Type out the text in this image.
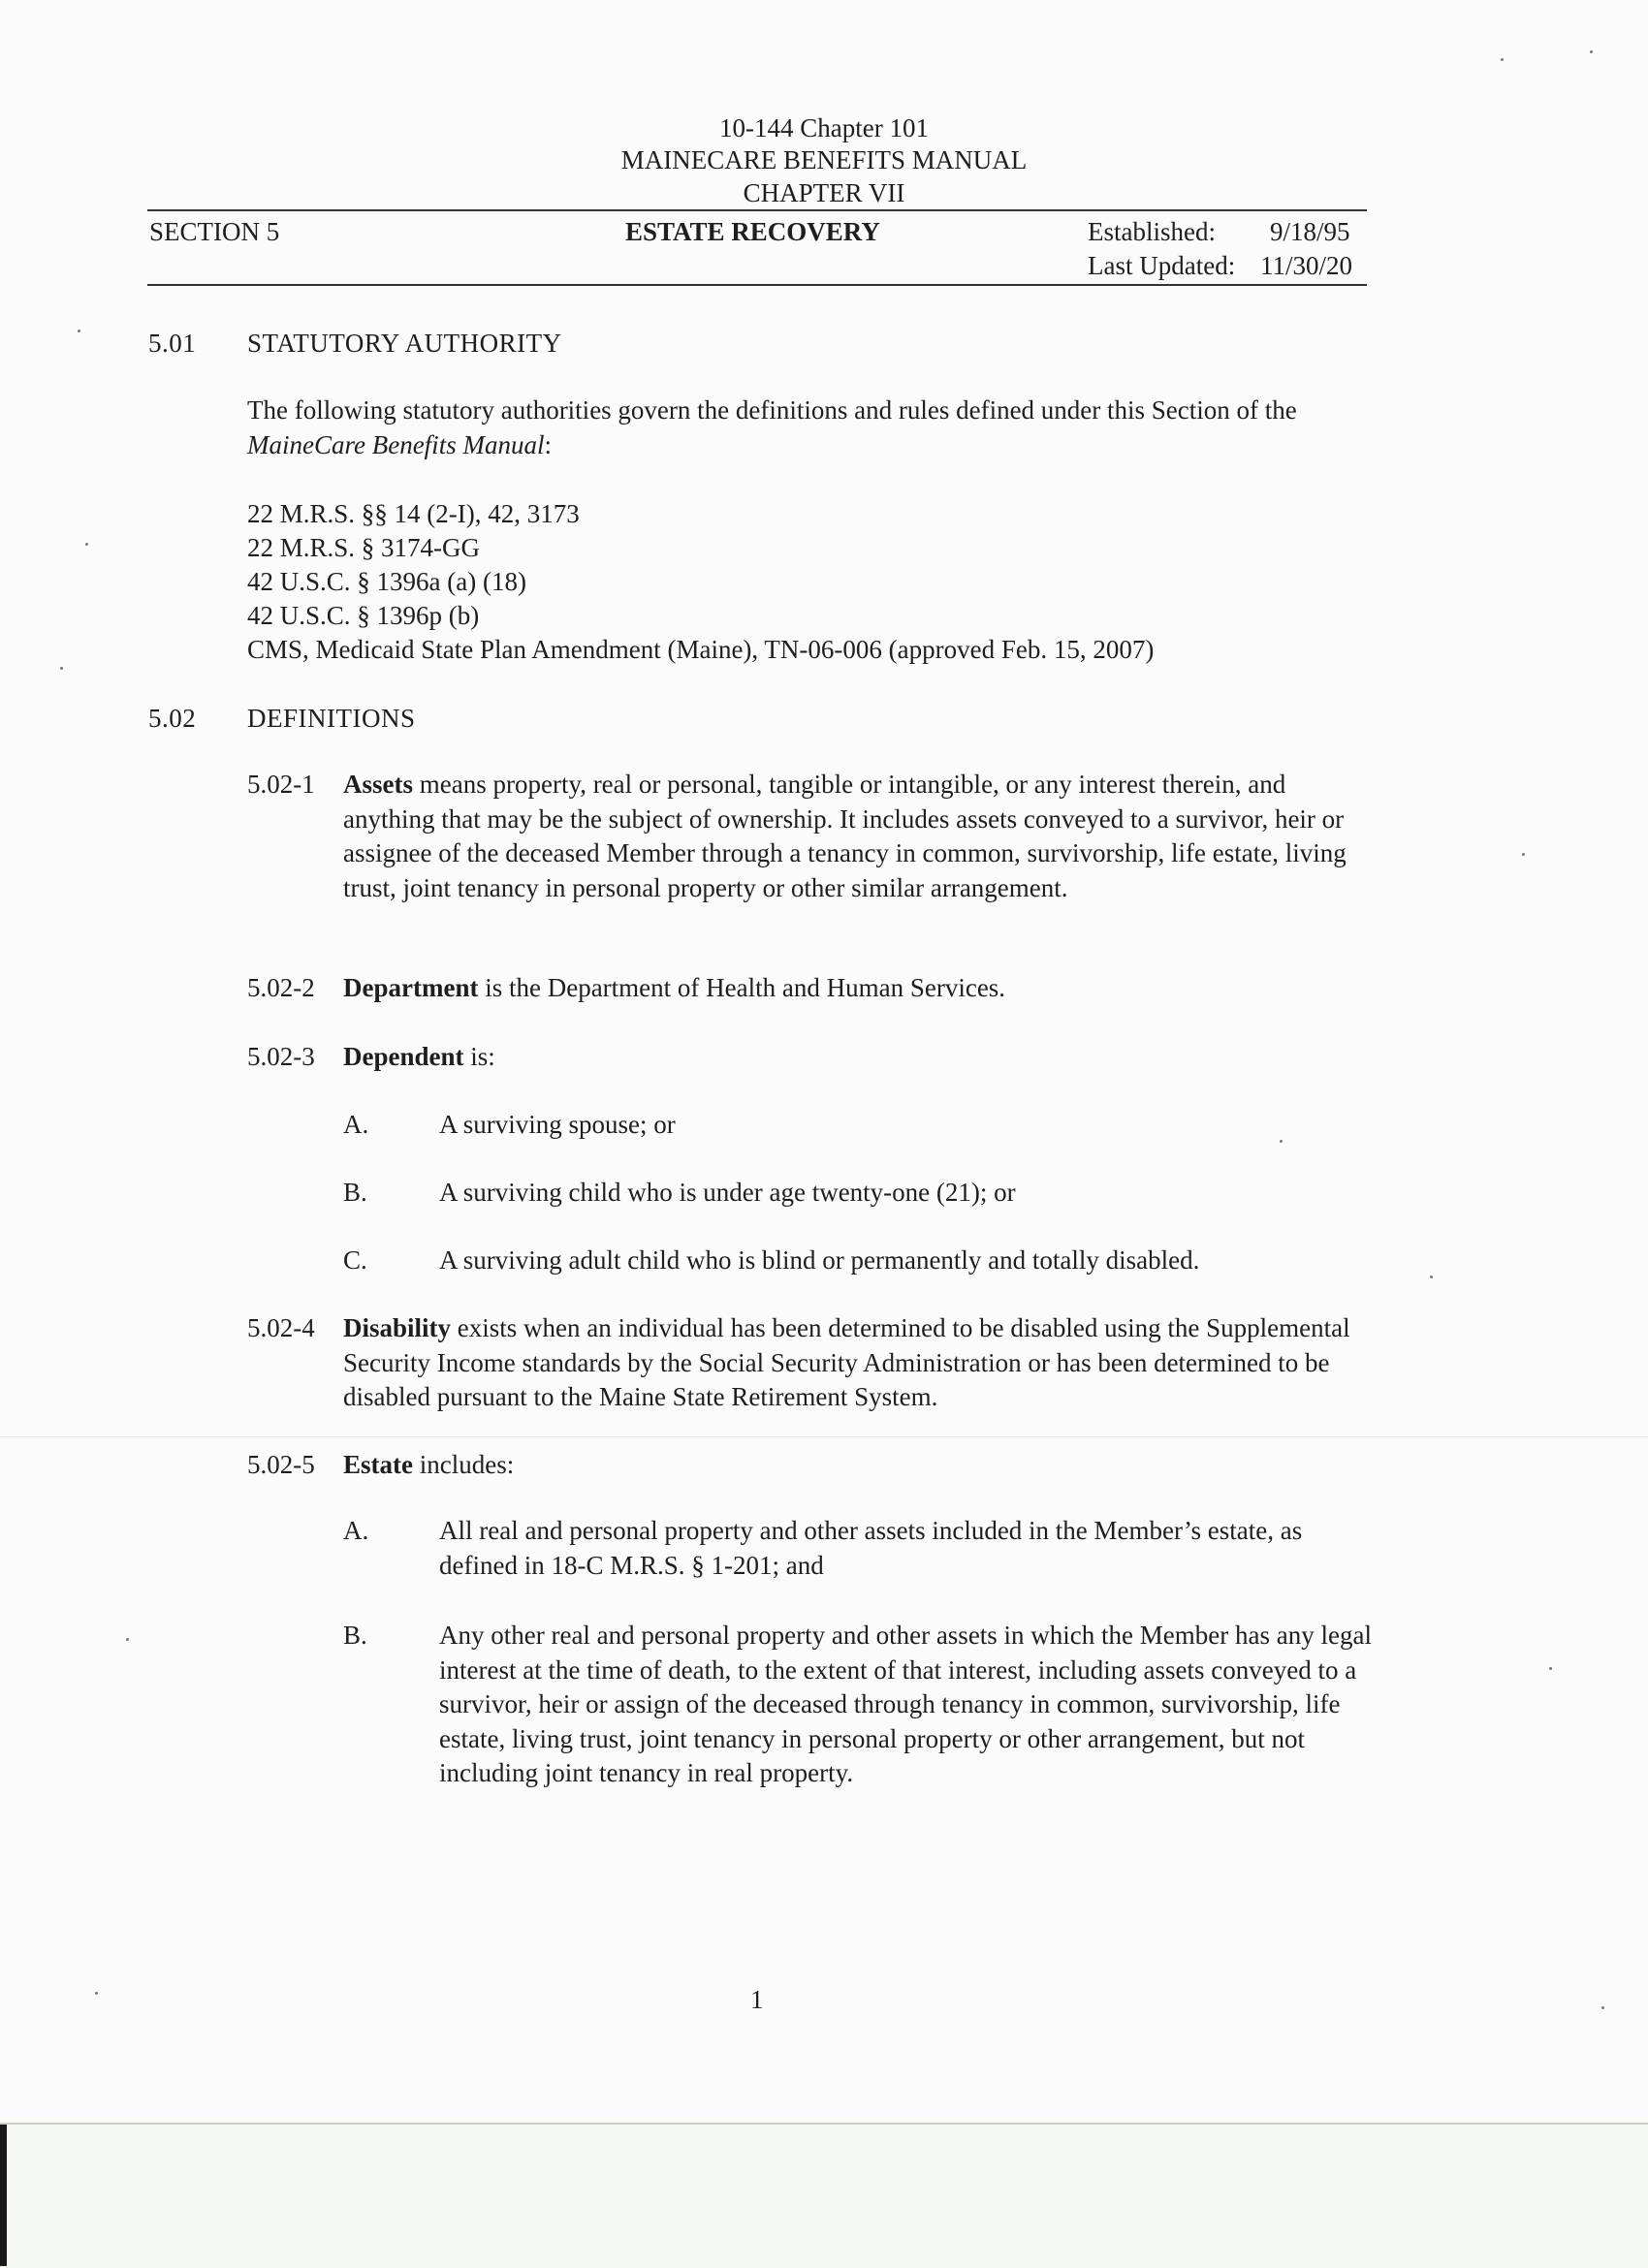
10-144 Chapter 101
MAINECARE BENEFITS MANUAL
CHAPTER VII
SECTION 5	ESTATE RECOVERY	Established: 9/18/95
Last Updated: 11/30/20
5.01 STATUTORY AUTHORITY
The following statutory authorities govern the definitions and rules defined under this Section of the MaineCare Benefits Manual:
22 M.R.S. §§ 14 (2-I), 42, 3173
22 M.R.S. § 3174-GG
42 U.S.C. § 1396a (a) (18)
42 U.S.C. § 1396p (b)
CMS, Medicaid State Plan Amendment (Maine), TN-06-006 (approved Feb. 15, 2007)
5.02 DEFINITIONS
5.02-1 Assets means property, real or personal, tangible or intangible, or any interest therein, and anything that may be the subject of ownership. It includes assets conveyed to a survivor, heir or assignee of the deceased Member through a tenancy in common, survivorship, life estate, living trust, joint tenancy in personal property or other similar arrangement.
5.02-2 Department is the Department of Health and Human Services.
5.02-3 Dependent is:
A.	A surviving spouse; or
B.	A surviving child who is under age twenty-one (21); or
C.	A surviving adult child who is blind or permanently and totally disabled.
5.02-4 Disability exists when an individual has been determined to be disabled using the Supplemental Security Income standards by the Social Security Administration or has been determined to be disabled pursuant to the Maine State Retirement System.
5.02-5 Estate includes:
A.	All real and personal property and other assets included in the Member’s estate, as defined in 18-C M.R.S. § 1-201; and
B.	Any other real and personal property and other assets in which the Member has any legal interest at the time of death, to the extent of that interest, including assets conveyed to a survivor, heir or assign of the deceased through tenancy in common, survivorship, life estate, living trust, joint tenancy in personal property or other arrangement, but not including joint tenancy in real property.
1
